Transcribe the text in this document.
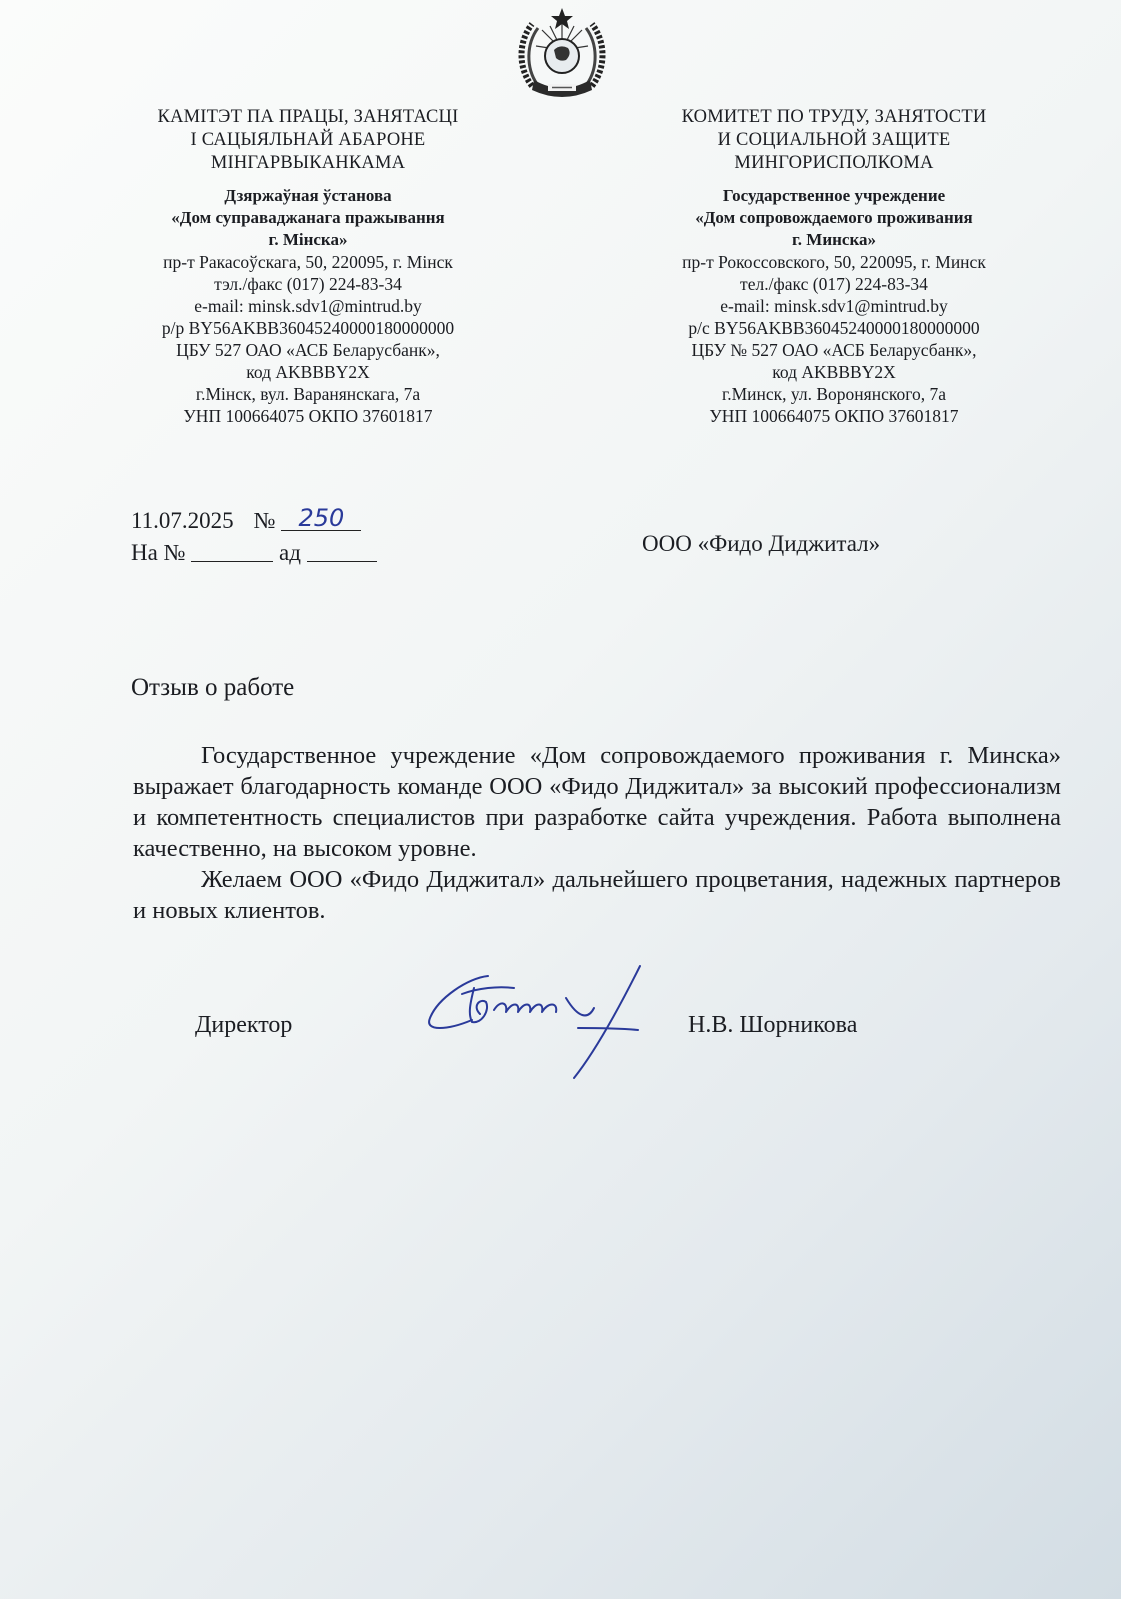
КАМІТЭТ ПА ПРАЦЫ, ЗАНЯТАСЦІ
І САЦЫЯЛЬНАЙ АБАРОНЕ
МІНГАРВЫКАНКАМА
Дзяржаўная ўстанова
«Дом суправаджанага пражывання
г. Мінска»
пр-т Ракасоўскага, 50, 220095, г. Мінск
тэл./факс (017) 224-83-34
e-mail: minsk.sdv1@mintrud.by
р/р BY56AKBB36045240000180000000
ЦБУ 527 ОАО «АСБ Беларусбанк»,
код AKBBBY2X
г.Мінск, вул. Варанянскага, 7а
УНП 100664075 ОКПО 37601817
КОМИТЕТ ПО ТРУДУ, ЗАНЯТОСТИ
И СОЦИАЛЬНОЙ ЗАЩИТЕ
МИНГОРИСПОЛКОМА
Государственное учреждение
«Дом сопровождаемого проживания
г. Минска»
пр-т Рокоссовского, 50, 220095, г. Минск
тел./факс (017) 224-83-34
e-mail: minsk.sdv1@mintrud.by
р/с BY56AKBB36045240000180000000
ЦБУ № 527 ОАО «АСБ Беларусбанк»,
код AKBBBY2X
г.Минск, ул. Воронянского, 7а
УНП 100664075 ОКПО 37601817
11.07.2025 № 250
На №	ад	ООО «Фидо Диджитал»
Отзыв о работе

Государственное учреждение «Дом сопровождаемого проживания г. Минска» выражает благодарность команде ООО «Фидо Диджитал» за высокий профессионализм и компетентность специалистов при разработке сайта учреждения. Работа выполнена качественно, на высоком уровне.

Желаем ООО «Фидо Диджитал» дальнейшего процветания, надежных партнеров и новых клиентов.

Директор	Н.В. Шорникова
